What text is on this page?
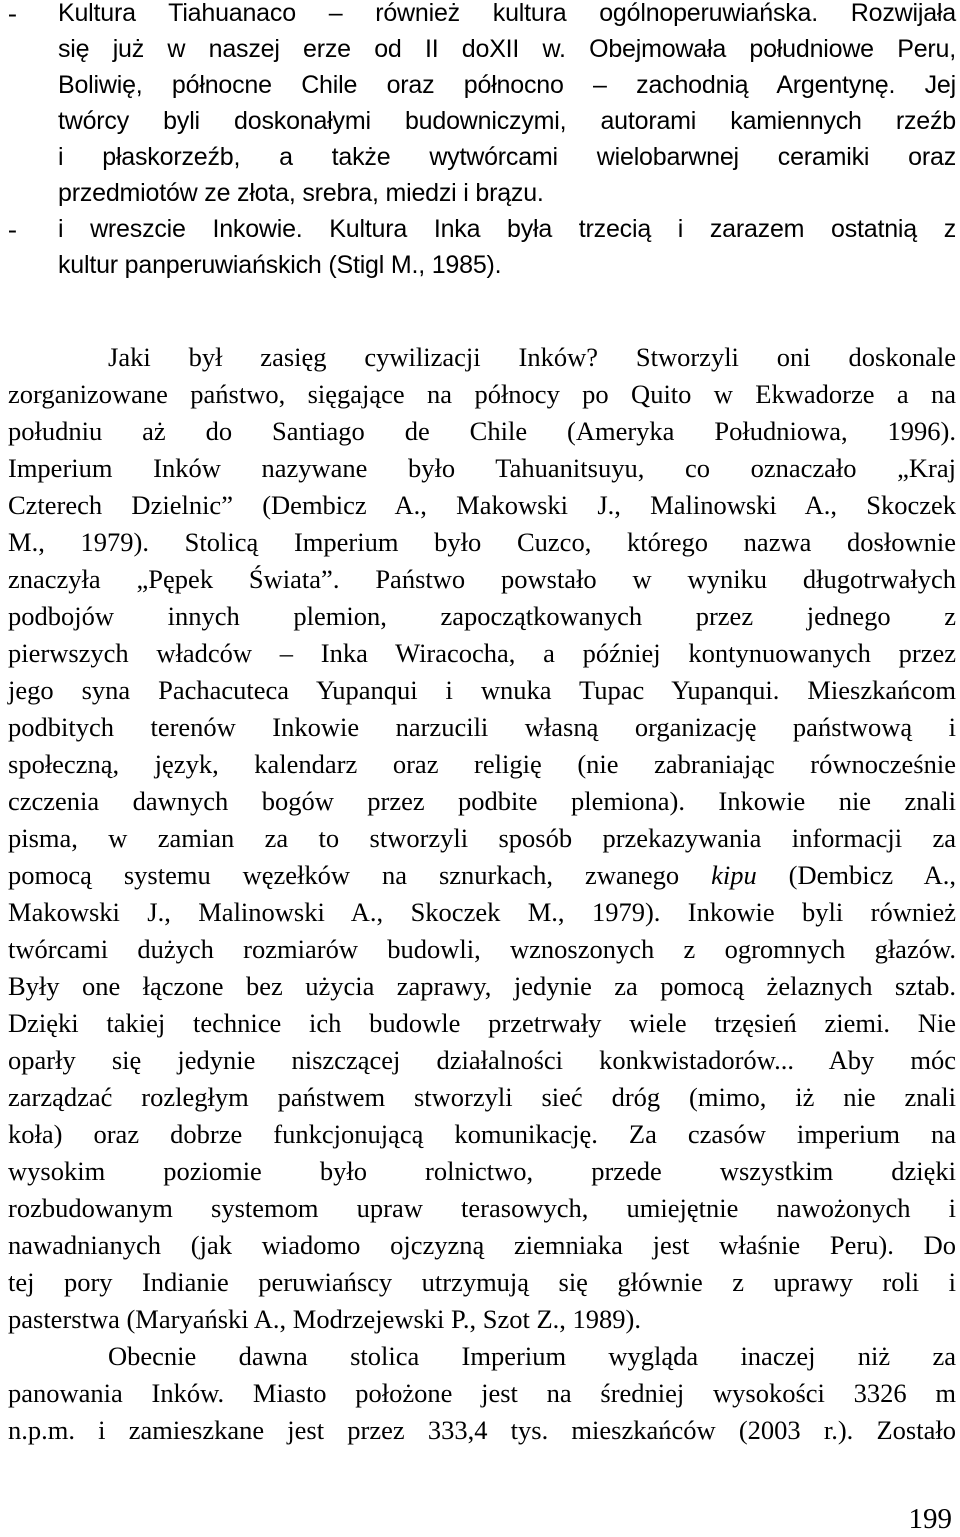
- Kultura Tiahuanaco – również kultura ogólnoperuwiańska. Rozwijała
się już w naszej erze od II doXII w. Obejmowała południowe Peru,
Boliwię, północne Chile oraz północno – zachodnią Argentynę. Jej
twórcy byli doskonałymi budowniczymi, autorami kamiennych rzeźb
i płaskorzeźb, a także wytwórcami wielobarwnej ceramiki oraz
przedmiotów ze złota, srebra, miedzi i brązu.
- i wreszcie Inkowie. Kultura Inka była trzecią i zarazem ostatnią z
kultur panperuwiańskich (Stigl M., 1985).
Jaki był zasięg cywilizacji Inków? Stworzyli oni doskonale
zorganizowane państwo, sięgające na północy po Quito w Ekwadorze a na
południu aż do Santiago de Chile (Ameryka Południowa, 1996).
Imperium Inków nazywane było Tahuanitsuyu, co oznaczało „Kraj
Czterech Dzielnic” (Dembicz A., Makowski J., Malinowski A., Skoczek
M., 1979). Stolicą Imperium było Cuzco, którego nazwa dosłownie
znaczyła „Pępek Świata”. Państwo powstało w wyniku długotrwałych
podbojów innych plemion, zapoczątkowanych przez jednego z
pierwszych władców – Inka Wiracocha, a później kontynuowanych przez
jego syna Pachacuteca Yupanqui i wnuka Tupac Yupanqui. Mieszkańcom
podbitych terenów Inkowie narzucili własną organizację państwową i
społeczną, język, kalendarz oraz religię (nie zabraniając równocześnie
czczenia dawnych bogów przez podbite plemiona). Inkowie nie znali
pisma, w zamian za to stworzyli sposób przekazywania informacji za
pomocą systemu węzełków na sznurkach, zwanego kipu (Dembicz A.,
Makowski J., Malinowski A., Skoczek M., 1979). Inkowie byli również
twórcami dużych rozmiarów budowli, wznoszonych z ogromnych głazów.
Były one łączone bez użycia zaprawy, jedynie za pomocą żelaznych sztab.
Dzięki takiej technice ich budowle przetrwały wiele trzęsień ziemi. Nie
oparły się jedynie niszczącej działalności konkwistadorów... Aby móc
zarządzać rozległym państwem stworzyli sieć dróg (mimo, iż nie znali
koła) oraz dobrze funkcjonującą komunikację. Za czasów imperium na
wysokim poziomie było rolnictwo, przede wszystkim dzięki
rozbudowanym systemom upraw terasowych, umiejętnie nawożonych i
nawadnianych (jak wiadomo ojczyzną ziemniaka jest właśnie Peru). Do
tej pory Indianie peruwiańscy utrzymują się głównie z uprawy roli i
pasterstwa (Maryański A., Modrzejewski P., Szot Z., 1989).
Obecnie dawna stolica Imperium wygląda inaczej niż za
panowania Inków. Miasto położone jest na średniej wysokości 3326 m
n.p.m. i zamieszkane jest przez 333,4 tys. mieszkańców (2003 r.). Zostało
199
